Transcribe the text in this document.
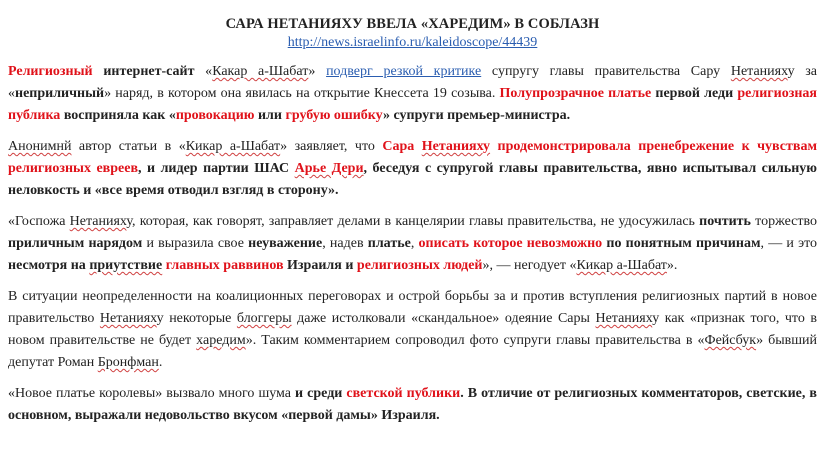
САРА НЕТАНИЯХУ ВВЕЛА «ХАРЕДИМ» В СОБЛАЗН
http://news.israelinfo.ru/kaleidoscope/44439

Религиозный интернет-сайт «Какар а-Шабат» подверг резкой критике супругу главы правительства Сару Нетанияху за «неприличный» наряд, в котором она явилась на открытие Кнессета 19 созыва. Полупрозрачное платье первой леди религиозная публика восприняла как «провокацию или грубую ошибку» супруги премьер-министра.

Анонимнй автор статьи в «Кикар а-Шабат» заявляет, что Сара Нетанияху продемонстрировала пренебрежение к чувствам религиозных евреев, и лидер партии ШАС Арье Дери, беседуя с супругой главы правительства, явно испытывал сильную неловкость и «все время отводил взгляд в сторону».

«Госпожа Нетанияху, которая, как говорят, заправляет делами в канцелярии главы правительства, не удосужилась почтить торжество приличным нарядом и выразила свое неуважение, надев платье, описать которое невозможно по понятным причинам, — и это несмотря на приутствие главных раввинов Израиля и религиозных людей», — негодует «Кикар а-Шабат».

В ситуации неопределенности на коалиционных переговорах и острой борьбы за и против вступления религиозных партий в новое правительство Нетанияху некоторые блоггеры даже истолковали «скандальное» одеяние Сары Нетанияху как «признак того, что в новом правительстве не будет харедим». Таким комментарием сопроводил фото супруги главы правительства в «Фейсбук» бывший депутат Роман Бронфман.

«Новое платье королевы» вызвало много шума и среди светской публики. В отличие от религиозных комментаторов, светские, в основном, выражали недовольство вкусом «первой дамы» Израиля.
